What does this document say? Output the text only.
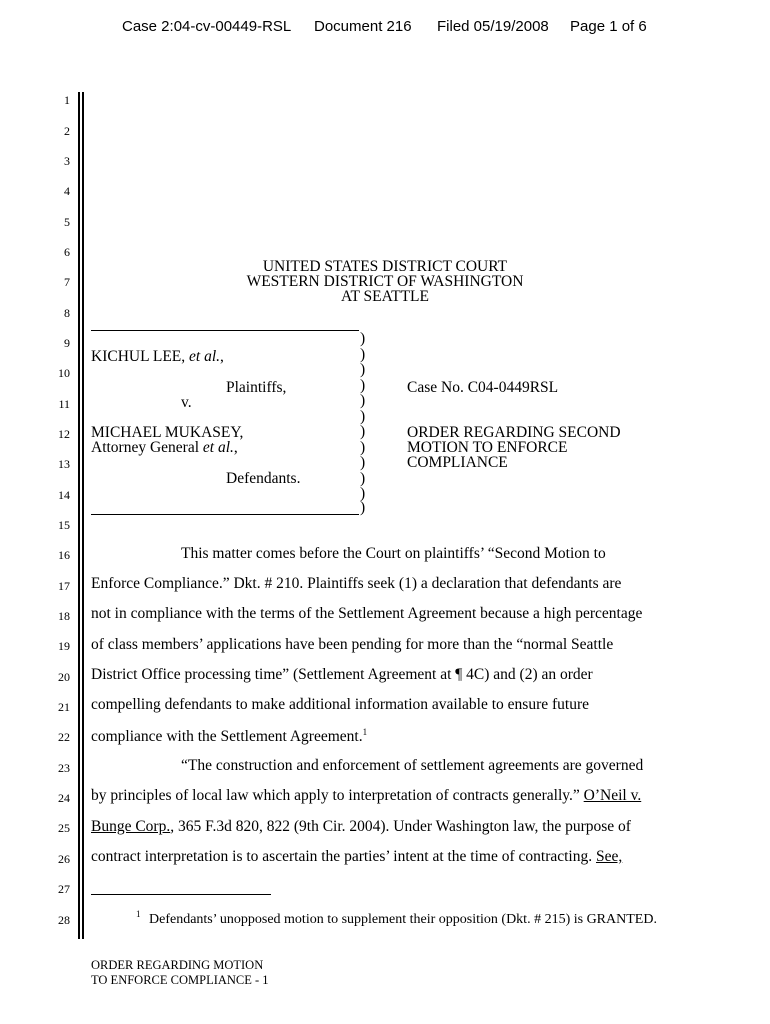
Case 2:04-cv-00449-RSL Document 216 Filed 05/19/2008 Page 1 of 6
1
2
3
4
5
6
7
8
9
10
11
12
13
14
15
16
17
18
19
20
21
22
23
24
25
26
27
28
UNITED STATES DISTRICT COURT
WESTERN DISTRICT OF WASHINGTON
AT SEATTLE
KICHUL LEE, et al.,
Plaintiffs,
v.
MICHAEL MUKASEY,
Attorney General et al.,
Defendants.
)
)
)
)
)
)
)
)
)
)
)
)
Case No. C04-0449RSL
ORDER REGARDING SECOND
MOTION TO ENFORCE
COMPLIANCE
This matter comes before the Court on plaintiffs’ “Second Motion to
Enforce Compliance.” Dkt. # 210. Plaintiffs seek (1) a declaration that defendants are
not in compliance with the terms of the Settlement Agreement because a high percentage
of class members’ applications have been pending for more than the “normal Seattle
District Office processing time” (Settlement Agreement at ¶ 4C) and (2) an order
compelling defendants to make additional information available to ensure future
compliance with the Settlement Agreement.$^1$
“The construction and enforcement of settlement agreements are governed
by principles of local law which apply to interpretation of contracts generally.” O’Neil v.
Bunge Corp., 365 F.3d 820, 822 (9th Cir. 2004). Under Washington law, the purpose of
contract interpretation is to ascertain the parties’ intent at the time of contracting. See,
1 Defendants’ unopposed motion to supplement their opposition (Dkt. # 215) is GRANTED.
ORDER REGARDING MOTION
TO ENFORCE COMPLIANCE - 1
